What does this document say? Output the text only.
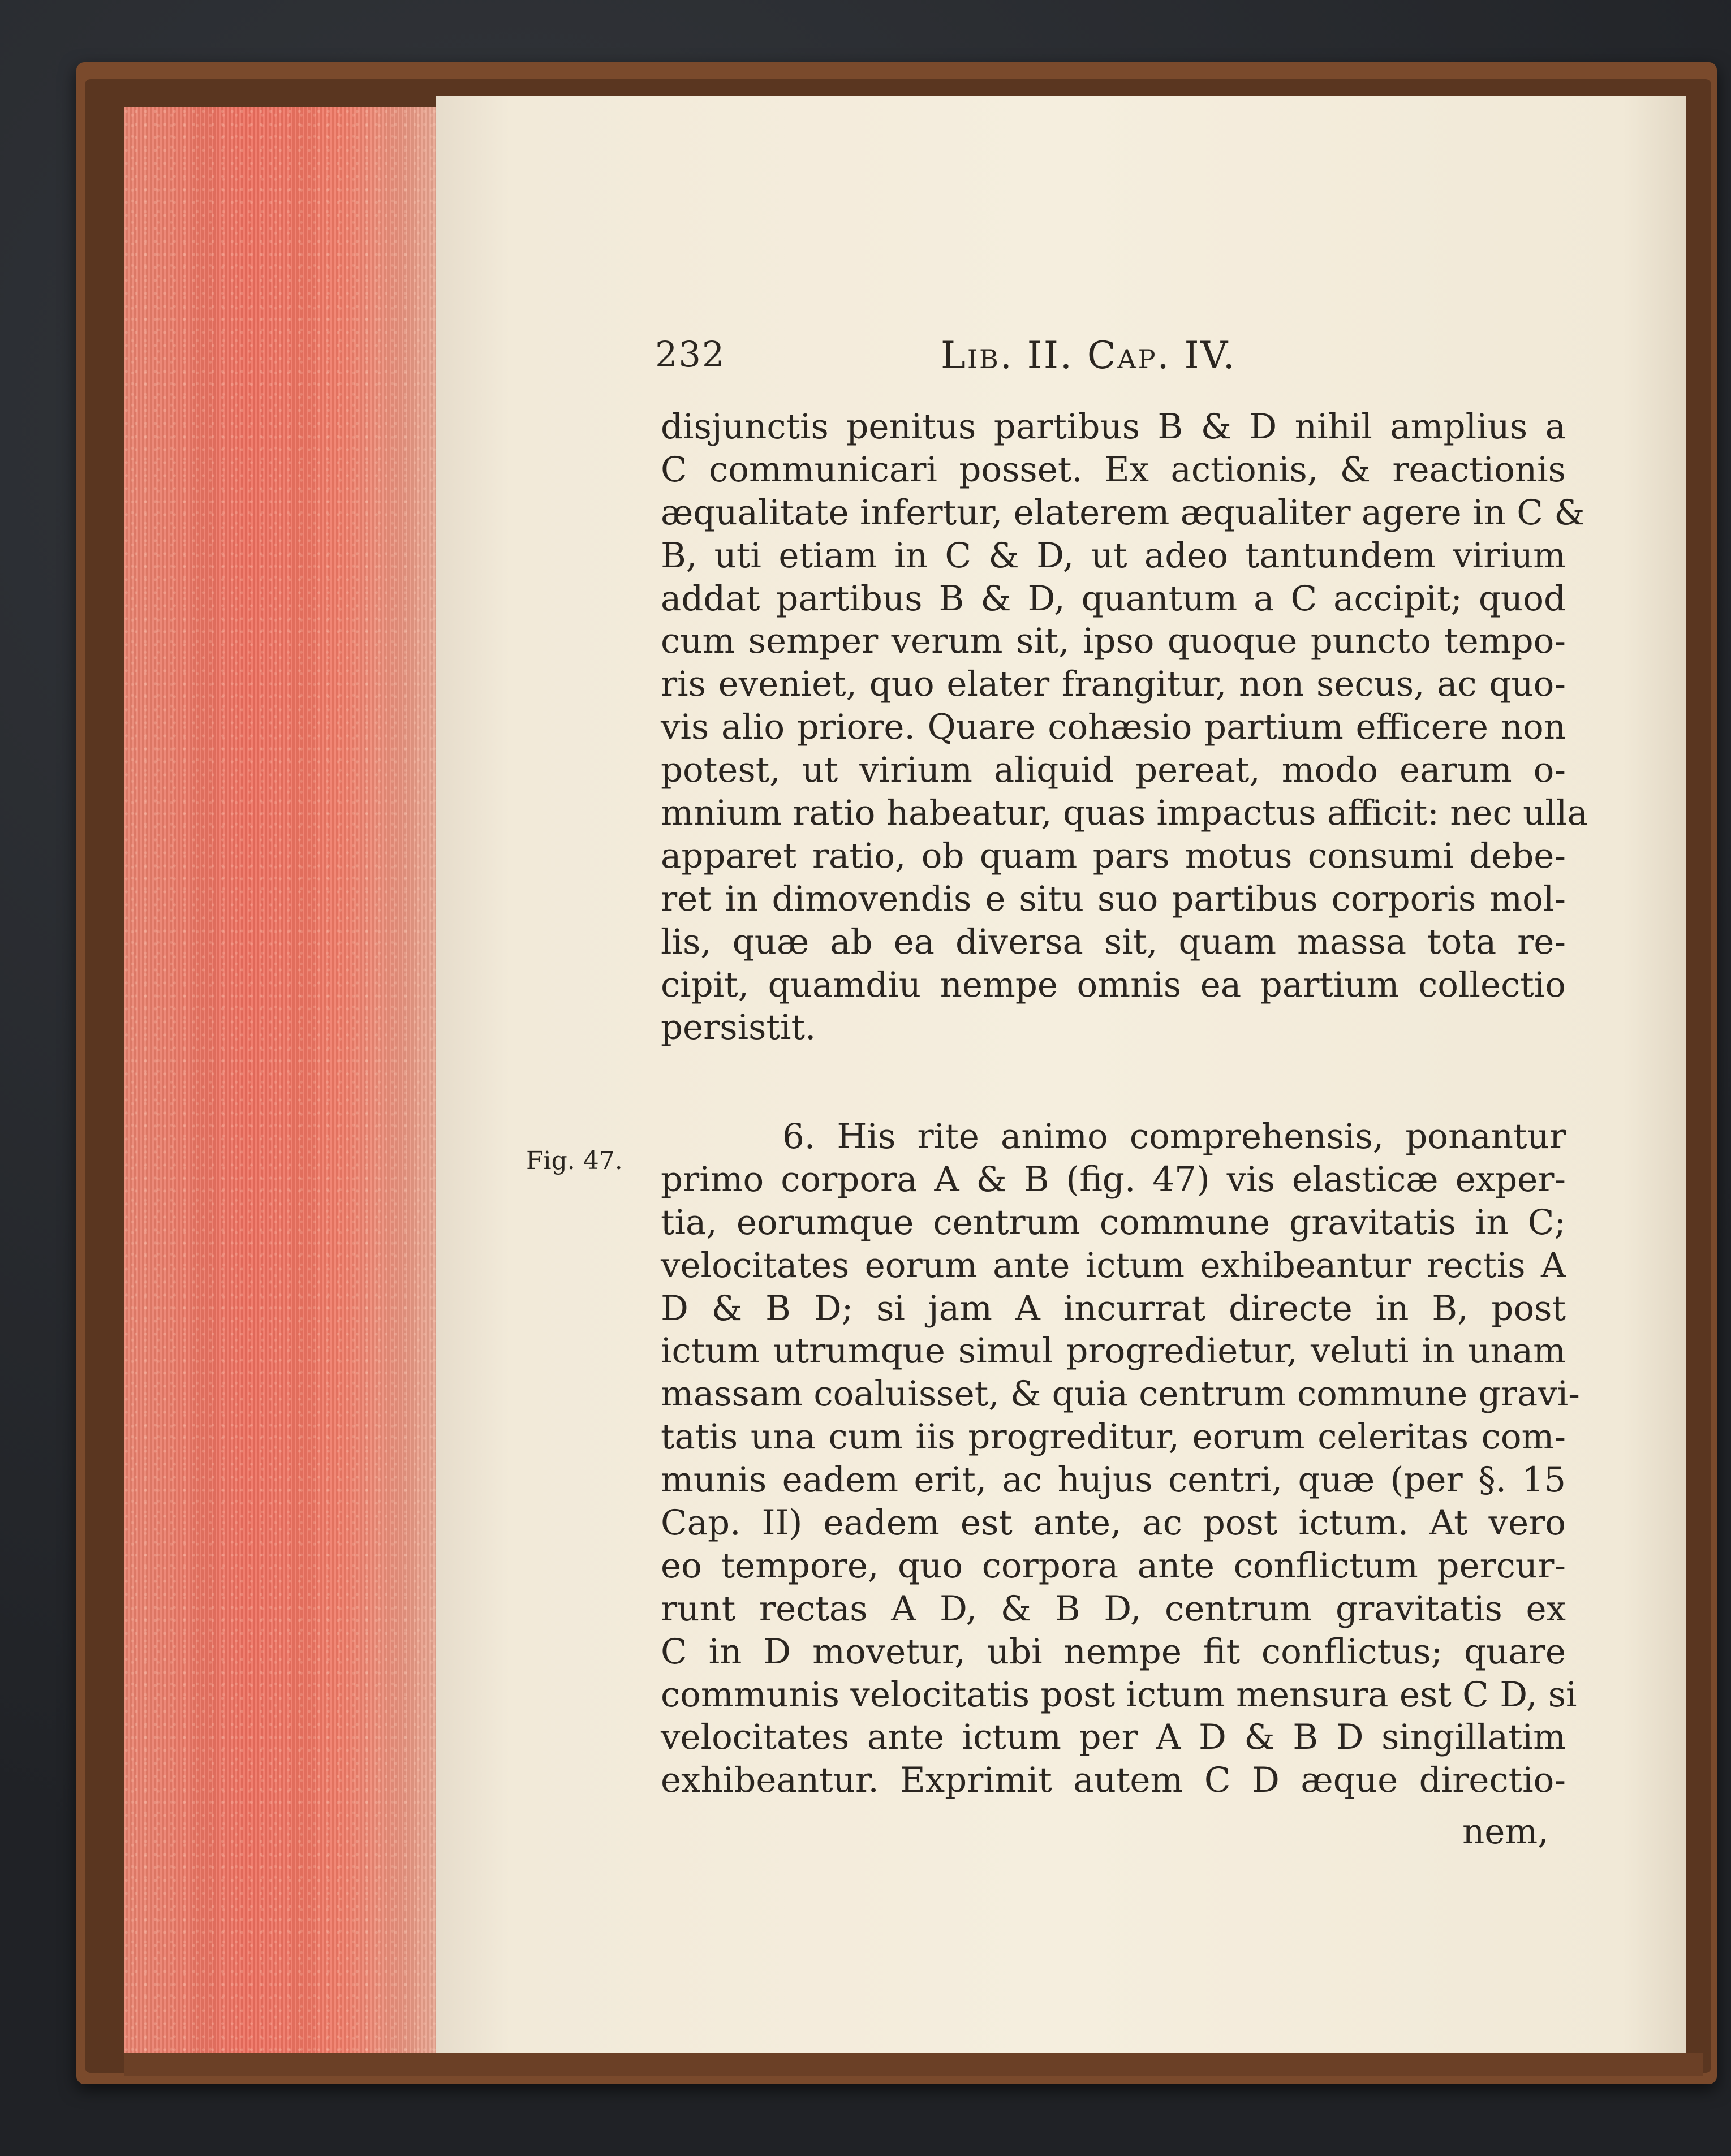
232	Lib. II. Cap. IV.
disjunctis penitus partibus B & D nihil amplius a
C communicari posset. Ex actionis, & reactionis
æqualitate infertur, elaterem æqualiter agere in C &
B, uti etiam in C & D, ut adeo tantundem virium
addat partibus B & D, quantum a C accipit; quod
cum semper verum sit, ipso quoque puncto tempo-
ris eveniet, quo elater frangitur, non secus, ac quo-
vis alio priore. Quare cohæsio partium efficere non
potest, ut virium aliquid pereat, modo earum o-
mnium ratio habeatur, quas impactus afficit: nec ulla
apparet ratio, ob quam pars motus consumi debe-
ret in dimovendis e situ suo partibus corporis mol-
lis, quæ ab ea diversa sit, quam massa tota re-
cipit, quamdiu nempe omnis ea partium collectio
persistit.
Fig. 47.
6. His rite animo comprehensis, ponantur
primo corpora A & B (fig. 47) vis elasticæ exper-
tia, eorumque centrum commune gravitatis in C;
velocitates eorum ante ictum exhibeantur rectis A
D & B D; si jam A incurrat directe in B, post
ictum utrumque simul progredietur, veluti in unam
massam coaluisset, & quia centrum commune gravi-
tatis una cum iis progreditur, eorum celeritas com-
munis eadem erit, ac hujus centri, quæ (per §. 15
Cap. II) eadem est ante, ac post ictum. At vero
eo tempore, quo corpora ante conflictum percur-
runt rectas A D, & B D, centrum gravitatis ex
C in D movetur, ubi nempe fit conflictus; quare
communis velocitatis post ictum mensura est C D, si
velocitates ante ictum per A D & B D singillatim
exhibeantur. Exprimit autem C D æque directio-
nem,
